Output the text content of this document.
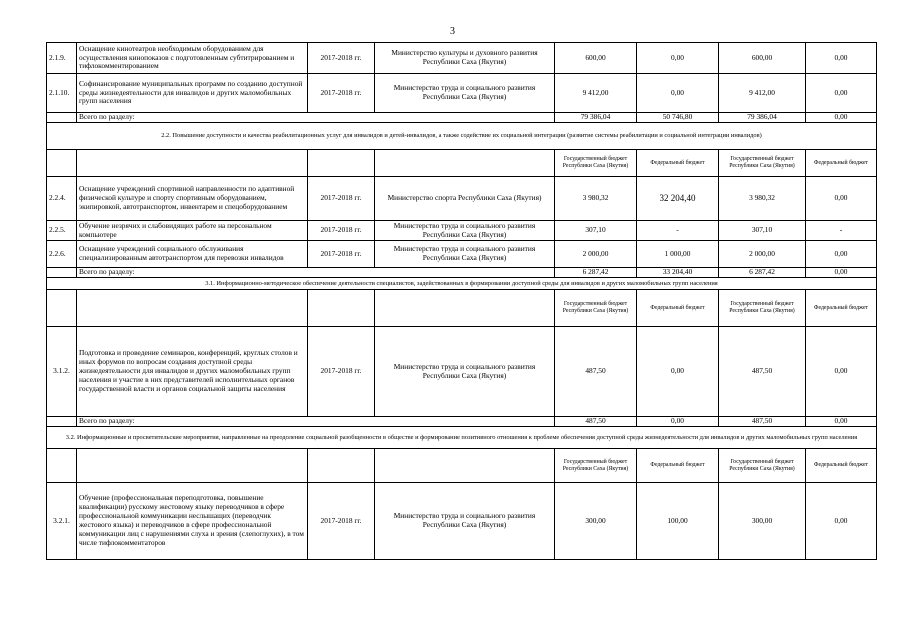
3
2.1.9.	Оснащение кинотеатров необходимым оборудованием для осуществления кинопоказов с подготовленным субтитрированием и тифлокомментированием	2017-2018 гг.	Министерство культуры и духовного развития Республики Саха (Якутия)	600,00	0,00	600,00	0,00
2.1.10.	Софинансирование муниципальных программ по созданию доступной среды жизнедеятельности для инвалидов и других маломобильных групп населения	2017-2018 гг.	Министерство труда и социального развития Республики Саха (Якутия)	9 412,00	0,00	9 412,00	0,00
	Всего по разделу:			79 386,04	50 746,80	79 386,04	0,00
2.2. Повышение доступности и качества реабилитационных услуг для инвалидов и детей-инвалидов, а также содействие их социальной интеграции (развитие системы реабилитации и социальной интеграции инвалидов)							
				Государственный бюджет Республики Саха (Якутия)	Федеральный бюджет	Государственный бюджет Республики Саха (Якутия)	Федеральный бюджет
2.2.4.	Оснащение учреждений спортивной направленности по адаптивной физической культуре и спорту спортивным оборудованием, экипировкой, автотранспортом, инвентарем и спецоборудованием	2017-2018 гг.	Министерство спорта Республики Саха (Якутия)	3 980,32	32 204,40	3 980,32	0,00
2.2.5.	Обучение незрячих и слабовидящих работе на персональном компьютере	2017-2018 гг.	Министерство труда и социального развития Республики Саха (Якутия)	307,10	-	307,10	-
2.2.6.	Оснащение учреждений социального обслуживания специализированным автотранспортом для перевозки инвалидов	2017-2018 гг.	Министерство труда и социального развития Республики Саха (Якутия)	2 000,00	1 000,00	2 000,00	0,00
	Всего по разделу:			6 287,42	33 204,40	6 287,42	0,00
3.1. Информационно-методическое обеспечение деятельности специалистов, задействованных в формировании доступной среды для инвалидов и других маломобильных групп населения							
				Государственный бюджет Республики Саха (Якутия)	Федеральный бюджет	Государственный бюджет Республики Саха (Якутия)	Федеральный бюджет
3.1.2.	Подготовка и проведение семинаров, конференций, круглых столов и иных форумов по вопросам создания доступной среды жизнедеятельности для инвалидов и других маломобильных групп населения и участие в них представителей исполнительных органов государственной власти и органов социальной защиты населения	2017-2018 гг.	Министерство труда и социального развития Республики Саха (Якутия)	487,50	0,00	487,50	0,00
	Всего по разделу:			487,50	0,00	487,50	0,00
3.2. Информационные и просветительские мероприятия, направленные на преодоление социальной разобщенности в обществе и формирование позитивного отношения к проблеме обеспечения доступной среды жизнедеятельности для инвалидов и других маломобильных групп населения							
				Государственный бюджет Республики Саха (Якутия)	Федеральный бюджет	Государственный бюджет Республики Саха (Якутия)	Федеральный бюджет
3.2.1.	Обучение (профессиональная переподготовка, повышение квалификации) русскому жестовому языку переводчиков в сфере профессиональной коммуникации неслышащих (переводчик жестового языка) и переводчиков в сфере профессиональной коммуникации лиц с нарушениями слуха и зрения (слепоглухих), в том числе тифлокомментаторов	2017-2018 гг.	Министерство труда и социального развития Республики Саха (Якутия)	300,00	100,00	300,00	0,00
